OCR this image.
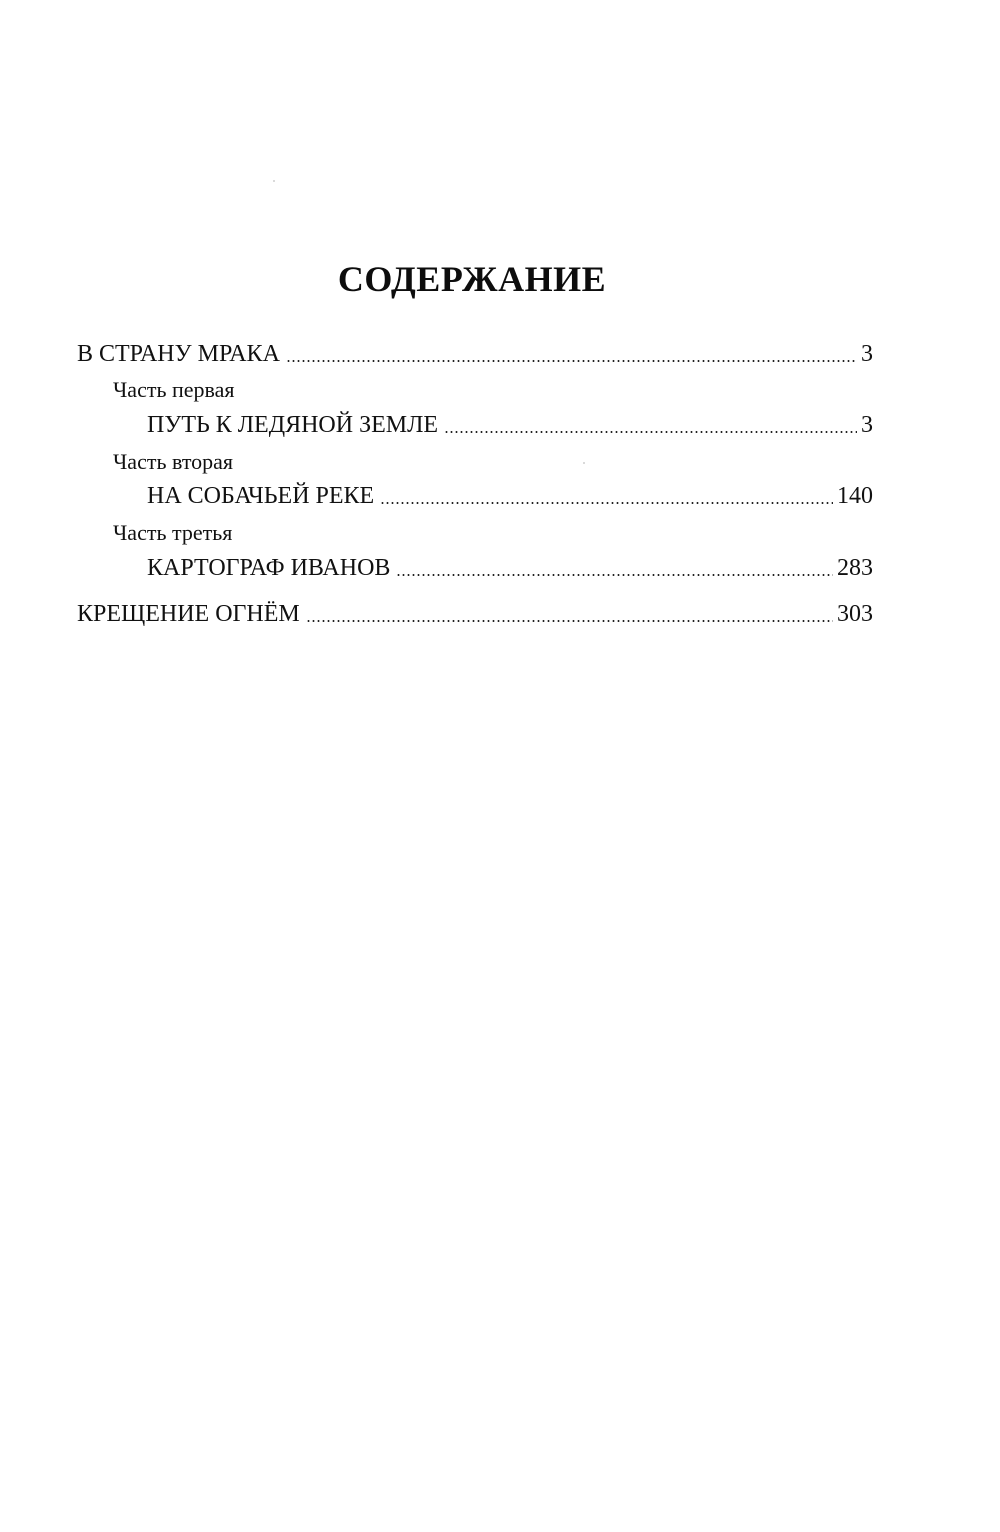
СОДЕРЖАНИЕ
В СТРАНУ МРАКА	3
Часть первая
ПУТЬ К ЛЕДЯНОЙ ЗЕМЛЕ	3
Часть вторая
НА СОБАЧЬЕЙ РЕКЕ	140
Часть третья
КАРТОГРАФ ИВАНОВ	283
КРЕЩЕНИЕ ОГНЁМ	303
